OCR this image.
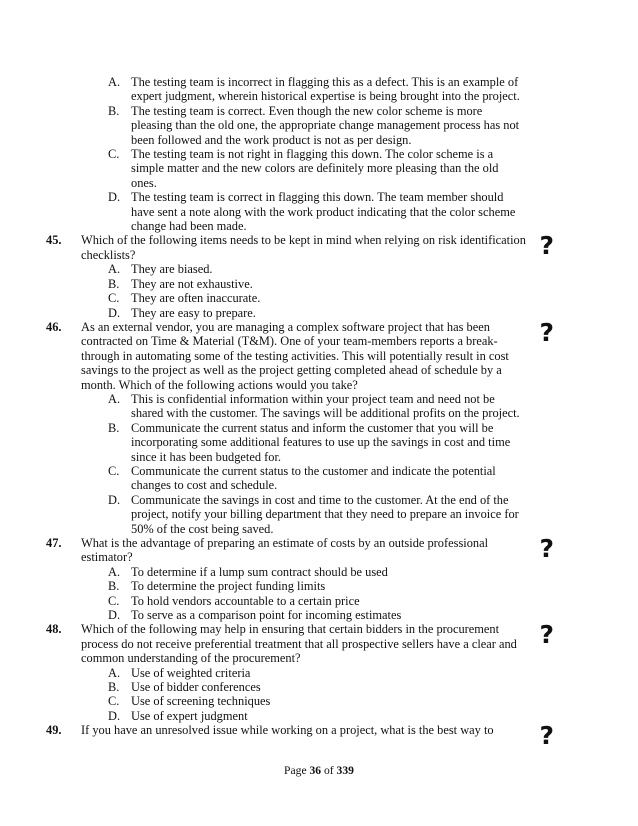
A. The testing team is incorrect in flagging this as a defect. This is an example of expert judgment, wherein historical expertise is being brought into the project.
B. The testing team is correct. Even though the new color scheme is more pleasing than the old one, the appropriate change management process has not been followed and the work product is not as per design.
C. The testing team is not right in flagging this down. The color scheme is a simple matter and the new colors are definitely more pleasing than the old ones.
D. The testing team is correct in flagging this down. The team member should have sent a note along with the work product indicating that the color scheme change had been made.
45. Which of the following items needs to be kept in mind when relying on risk identification checklists?	?
A. They are biased.
B. They are not exhaustive.
C. They are often inaccurate.
D. They are easy to prepare.
46. As an external vendor, you are managing a complex software project that has been contracted on Time & Material (T&M). One of your team-members reports a break-through in automating some of the testing activities. This will potentially result in cost savings to the project as well as the project getting completed ahead of schedule by a month. Which of the following actions would you take?
?
A. This is confidential information within your project team and need not be shared with the customer. The savings will be additional profits on the project.
B. Communicate the current status and inform the customer that you will be incorporating some additional features to use up the savings in cost and time since it has been budgeted for.
C. Communicate the current status to the customer and indicate the potential changes to cost and schedule.
D. Communicate the savings in cost and time to the customer. At the end of the project, notify your billing department that they need to prepare an invoice for 50% of the cost being saved.
47. What is the advantage of preparing an estimate of costs by an outside professional estimator?	?
A. To determine if a lump sum contract should be used
B. To determine the project funding limits
C. To hold vendors accountable to a certain price
D. To serve as a comparison point for incoming estimates
48. Which of the following may help in ensuring that certain bidders in the procurement process do not receive preferential treatment that all prospective sellers have a clear and common understanding of the procurement?
?
A. Use of weighted criteria
B. Use of bidder conferences
C. Use of screening techniques
D. Use of expert judgment
49. If you have an unresolved issue while working on a project, what is the best way to ?
Page 36 of 339
